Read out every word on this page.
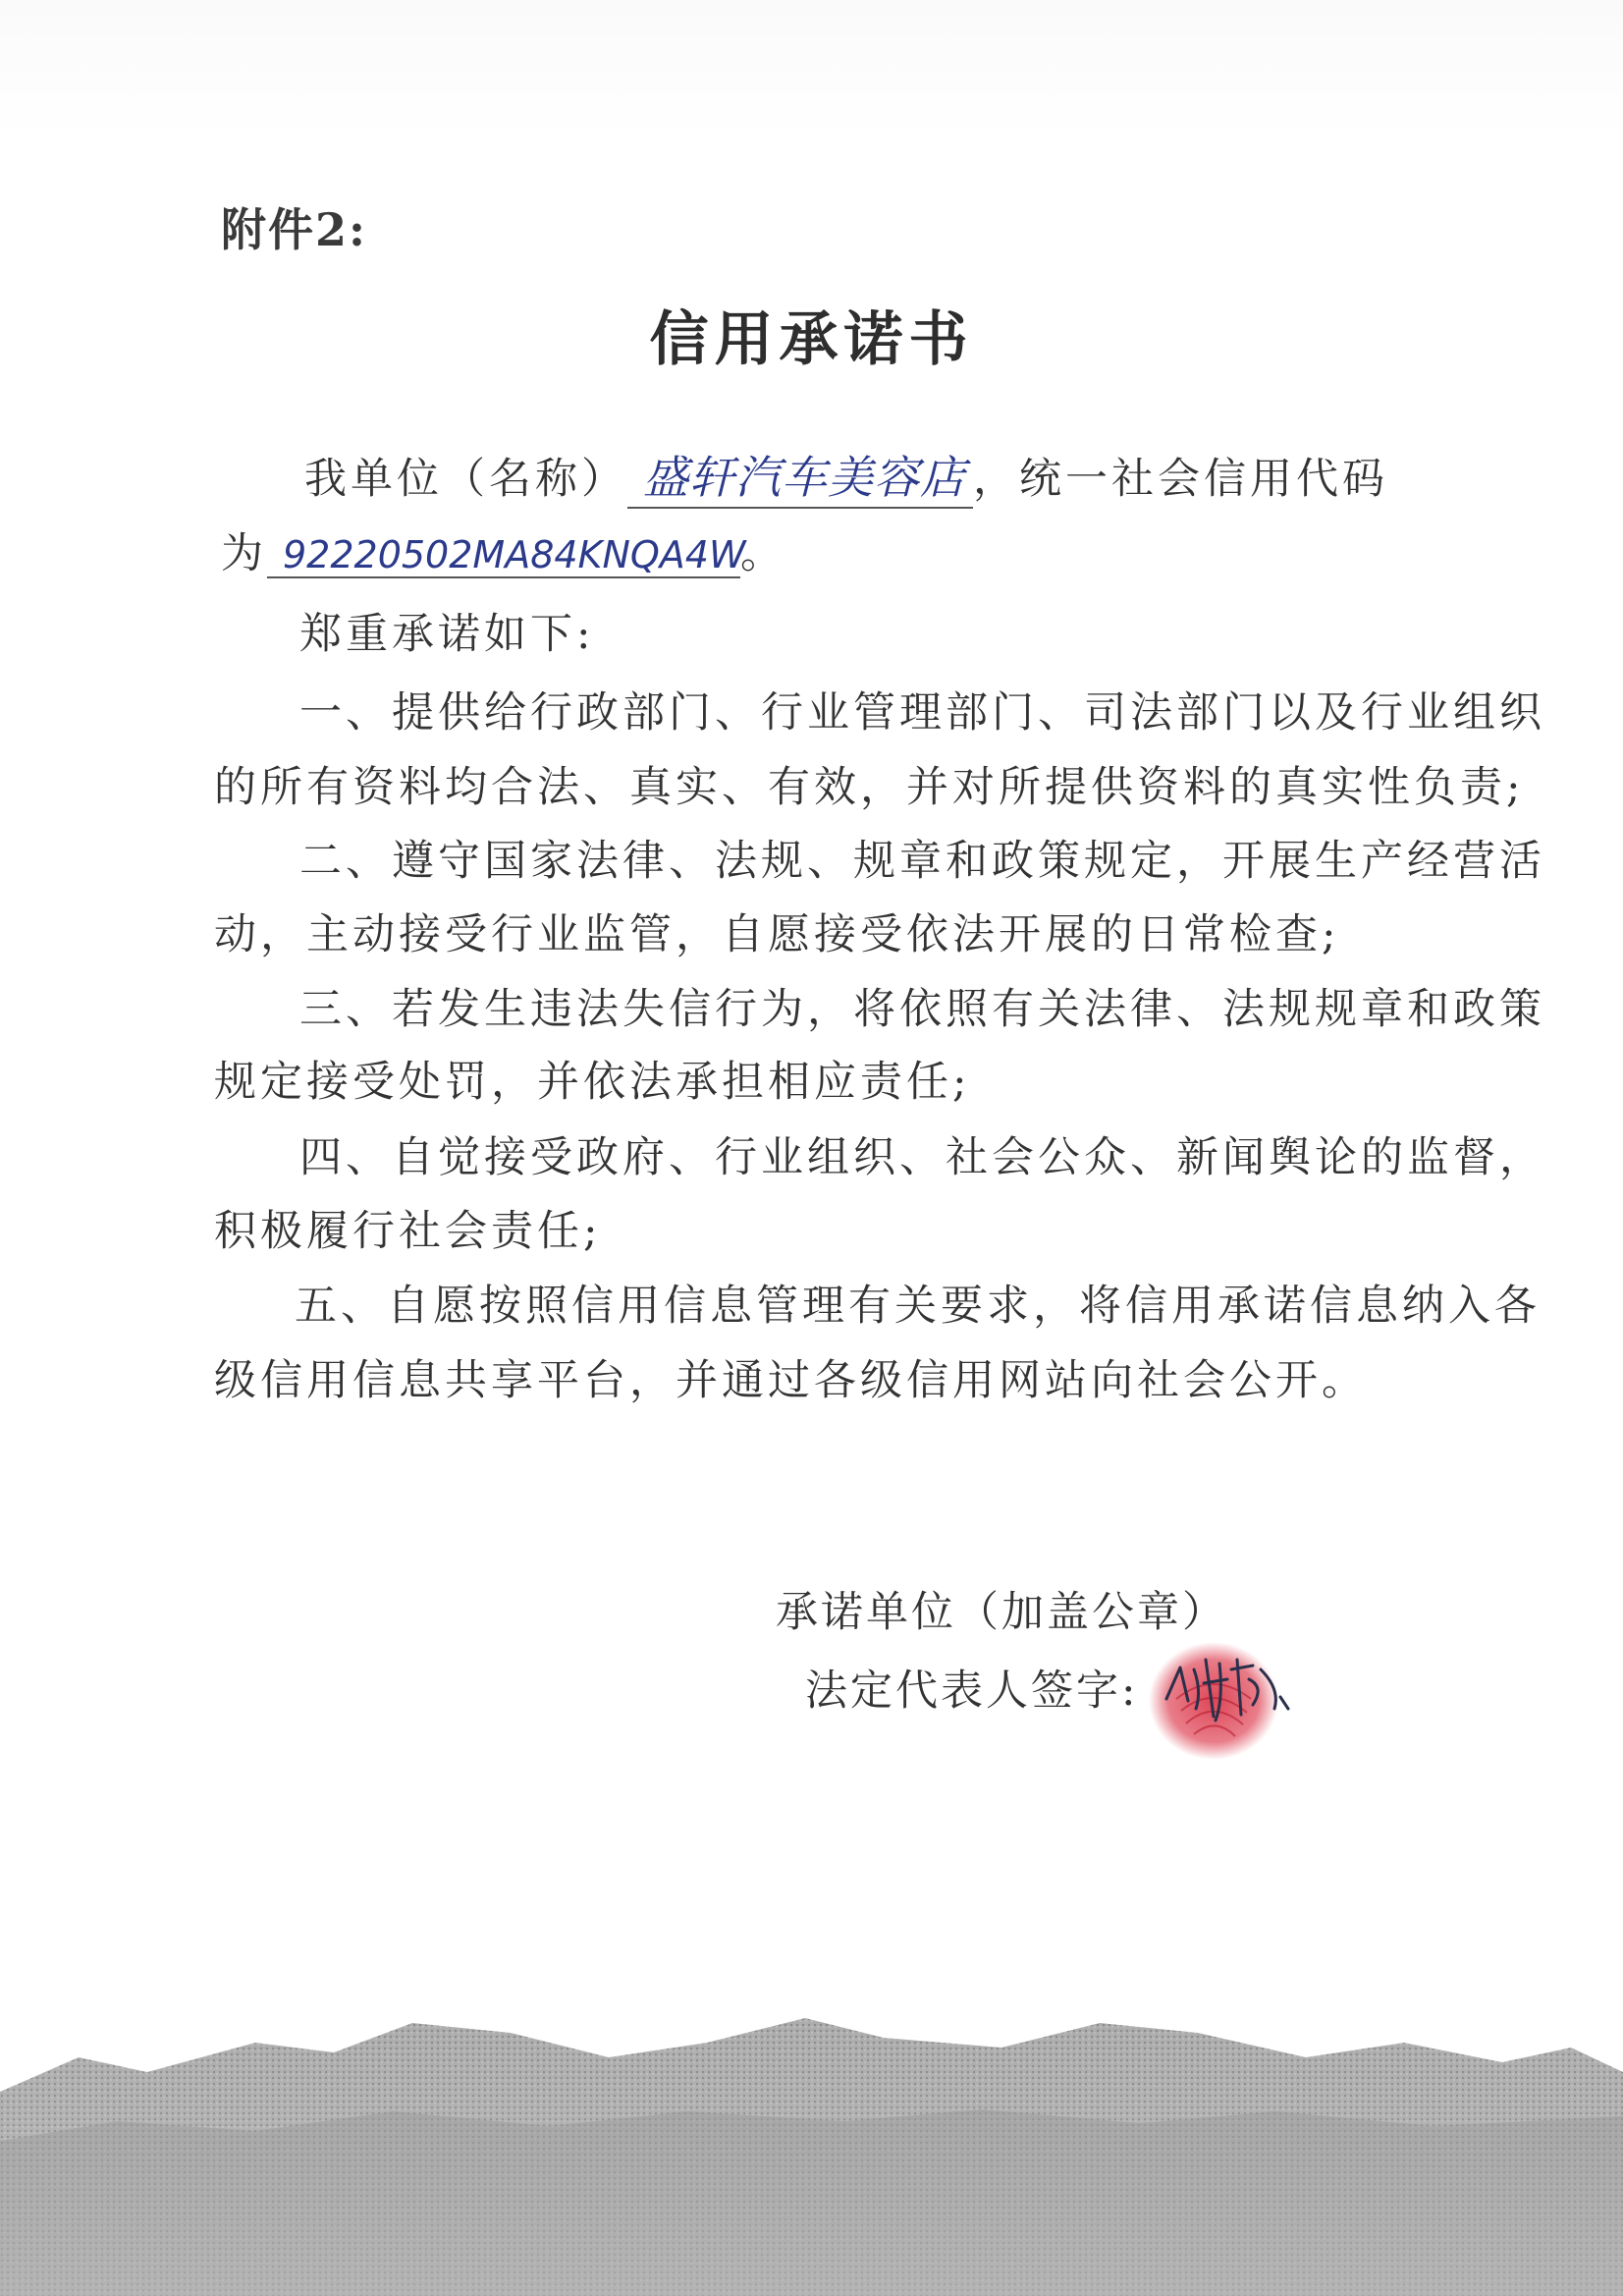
附件2:
信用承诺书
我单位（名称） 盛轩汽车美容店 ，统一社会信用代码
为 92220502MA84KNQA4W。
郑重承诺如下:
一、提供给行政部门、行业管理部门、司法部门以及行业组织
的所有资料均合法、真实、有效，并对所提供资料的真实性负责;
二、遵守国家法律、法规、规章和政策规定，开展生产经营活
动，主动接受行业监管，自愿接受依法开展的日常检查;
三、若发生违法失信行为，将依照有关法律、法规规章和政策
规定接受处罚，并依法承担相应责任;
四、自觉接受政府、行业组织、社会公众、新闻舆论的监督，
积极履行社会责任;
五、自愿按照信用信息管理有关要求，将信用承诺信息纳入各
级信用信息共享平台，并通过各级信用网站向社会公开。
承诺单位（加盖公章）
法定代表人签字:
